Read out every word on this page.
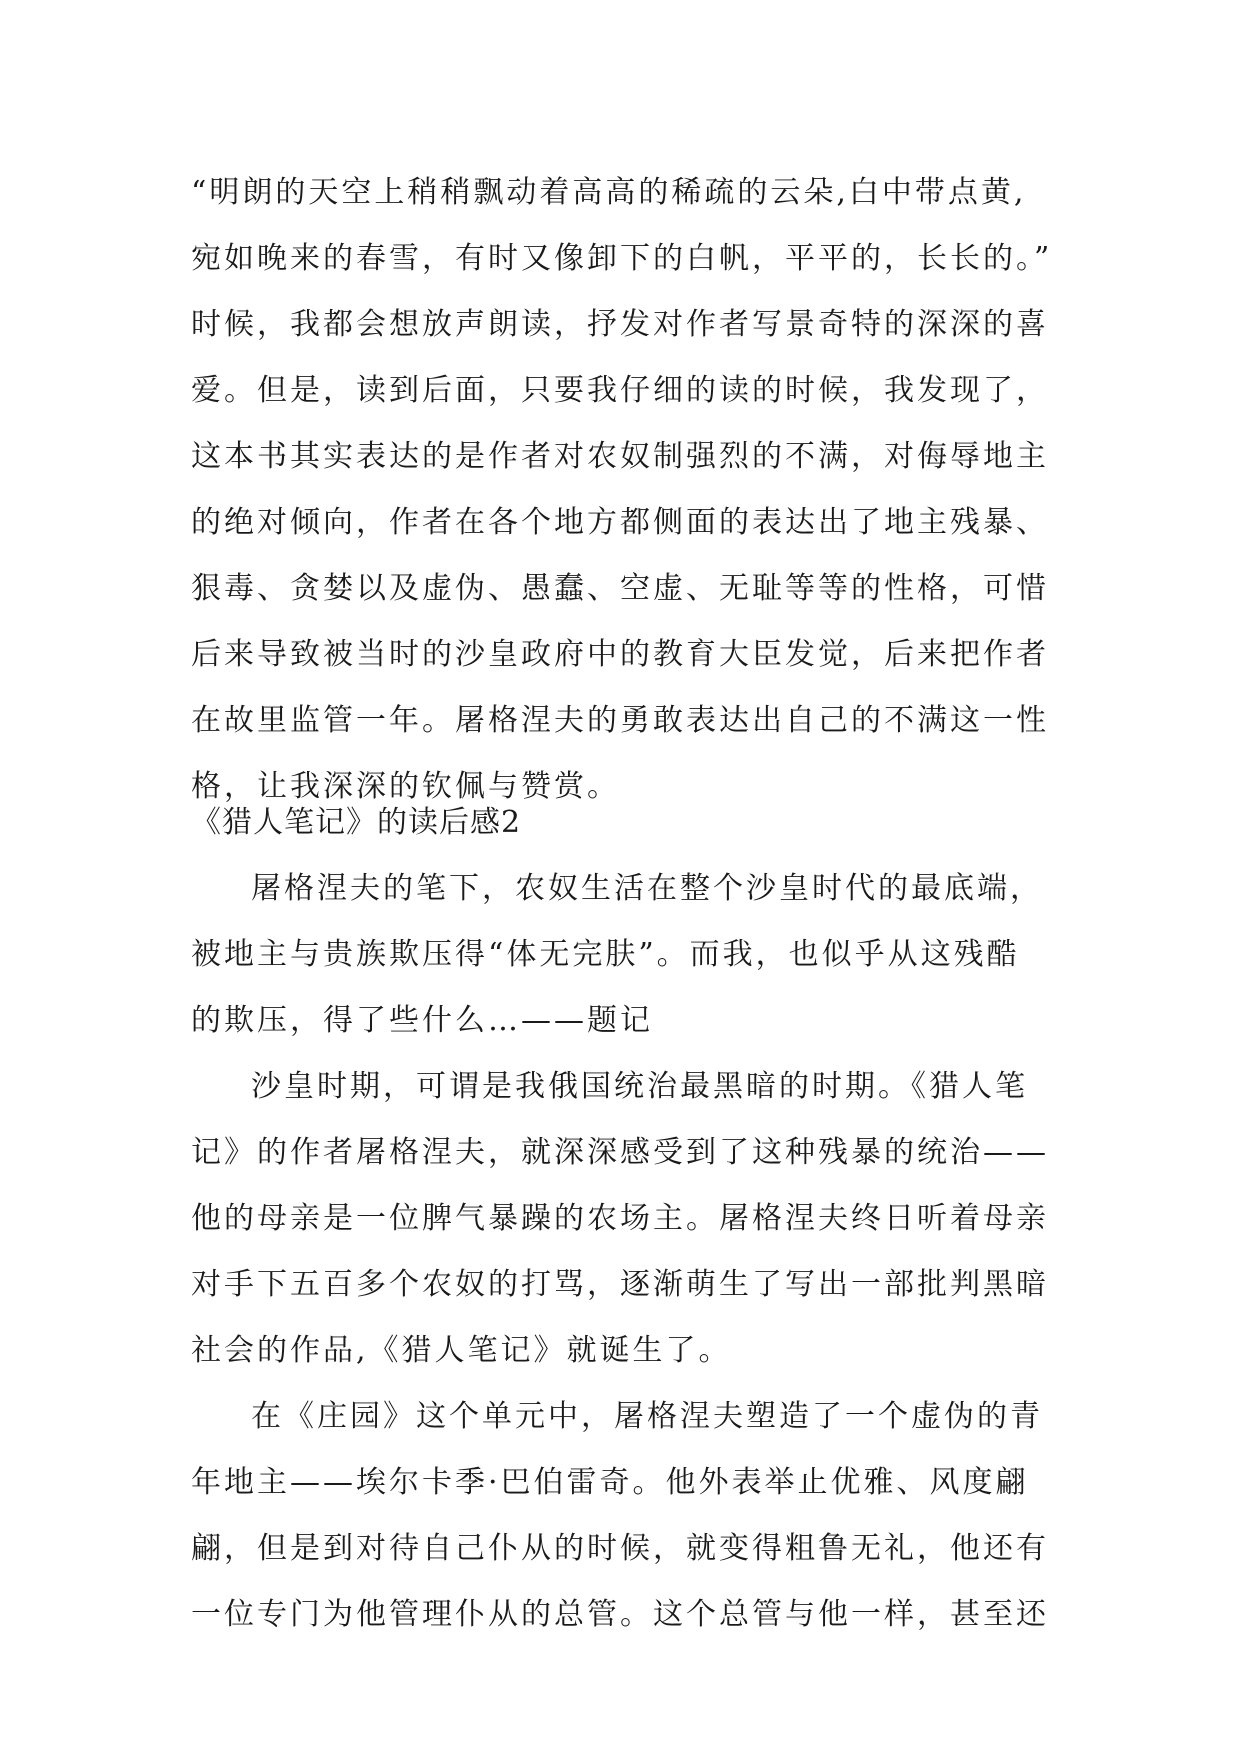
“明朗的天空上稍稍飘动着高高的稀疏的云朵,白中带点黄,
宛如晚来的春雪，有时又像卸下的白帆，平平的，长长的。”
时候，我都会想放声朗读，抒发对作者写景奇特的深深的喜
爱。但是，读到后面，只要我仔细的读的时候，我发现了，
这本书其实表达的是作者对农奴制强烈的不满，对侮辱地主
的绝对倾向，作者在各个地方都侧面的表达出了地主残暴、
狠毒、贪婪以及虚伪、愚蠢、空虚、无耻等等的性格，可惜
后来导致被当时的沙皇政府中的教育大臣发觉，后来把作者
在故里监管一年。屠格涅夫的勇敢表达出自己的不满这一性
格，让我深深的钦佩与赞赏。
《猎人笔记》的读后感2
屠格涅夫的笔下，农奴生活在整个沙皇时代的最底端，
被地主与贵族欺压得“体无完肤”。而我，也似乎从这残酷
的欺压，得了些什么…——题记
沙皇时期，可谓是我俄国统治最黑暗的时期。《猎人笔
记》的作者屠格涅夫，就深深感受到了这种残暴的统治——
他的母亲是一位脾气暴躁的农场主。屠格涅夫终日听着母亲
对手下五百多个农奴的打骂，逐渐萌生了写出一部批判黑暗
社会的作品,《猎人笔记》就诞生了。
在《庄园》这个单元中，屠格涅夫塑造了一个虚伪的青
年地主——埃尔卡季·巴伯雷奇。他外表举止优雅、风度翩
翩，但是到对待自己仆从的时候，就变得粗鲁无礼，他还有
一位专门为他管理仆从的总管。这个总管与他一样，甚至还
